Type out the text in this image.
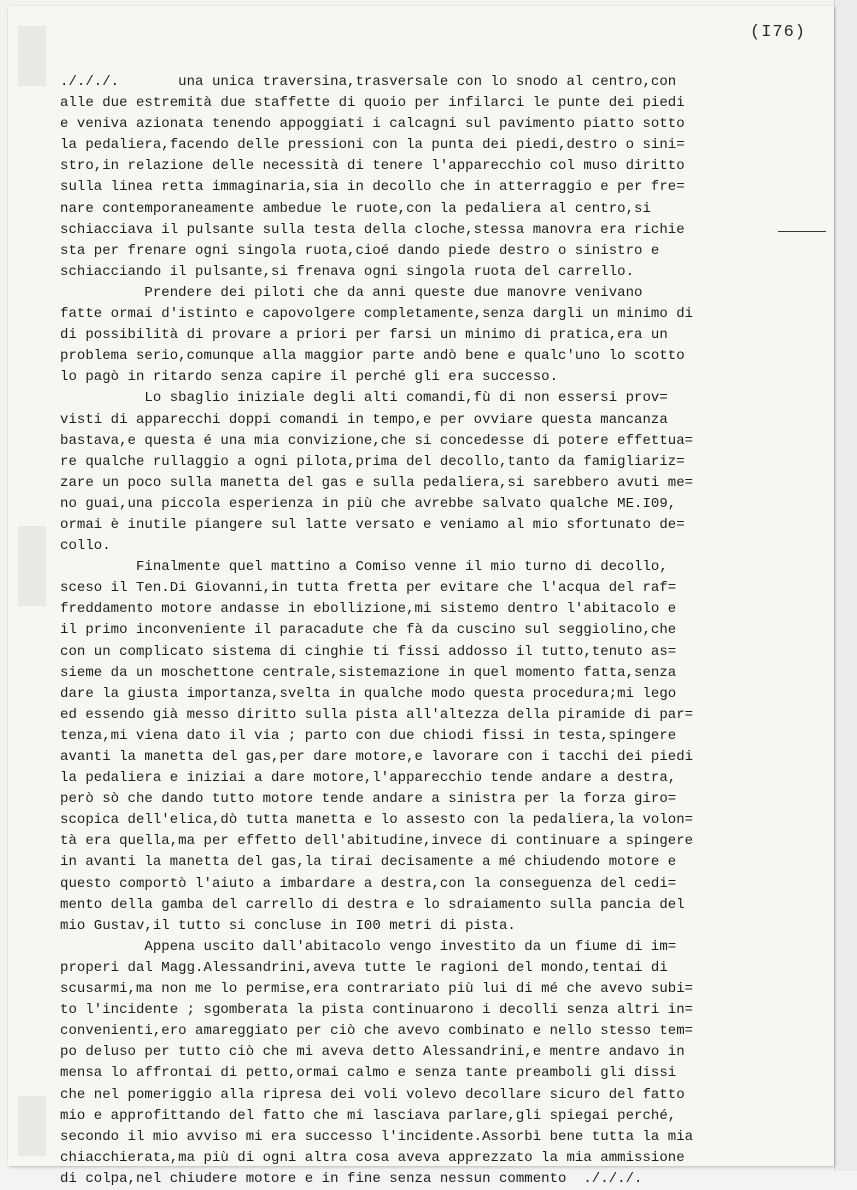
(I76)
./././.       una unica traversina,trasversale con lo snodo al centro,con
alle due estremità due staffette di quoio per infilarci le punte dei piedi
e veniva azionata tenendo appoggiati i calcagni sul pavimento piatto sotto
la pedaliera,facendo delle pressioni con la punta dei piedi,destro o sini=
stro,in relazione delle necessità di tenere l'apparecchio col muso diritto
sulla linea retta immaginaria,sia in decollo che in atterraggio e per fre=
nare contemporaneamente ambedue le ruote,con la pedaliera al centro,si
schiacciava il pulsante sulla testa della cloche,stessa manovra era richie
sta per frenare ogni singola ruota,cioé dando piede destro o sinistro e
schiacciando il pulsante,si frenava ogni singola ruota del carrello.
Prendere dei piloti che da anni queste due manovre venivano
fatte ormai d'istinto e capovolgere completamente,senza dargli un minimo di
di possibilità di provare a priori per farsi un minimo di pratica,era un
problema serio,comunque alla maggior parte andò bene e qualc'uno lo scotto
lo pagò in ritardo senza capire il perché gli era successo.
Lo sbaglio iniziale degli alti comandi,fù di non essersi prov=
visti di apparecchi doppi comandi in tempo,e per ovviare questa mancanza
bastava,e questa é una mia convizione,che si concedesse di potere effettua=
re qualche rullaggio a ogni pilota,prima del decollo,tanto da famigliariz=
zare un poco sulla manetta del gas e sulla pedaliera,si sarebbero avuti me=
no guai,una piccola esperienza in più che avrebbe salvato qualche ME.I09,
ormai è inutile piangere sul latte versato e veniamo al mio sfortunato de=
collo.
Finalmente quel mattino a Comiso venne il mio turno di decollo,
sceso il Ten.Di Giovanni,in tutta fretta per evitare che l'acqua del raf=
freddamento motore andasse in ebollizione,mi sistemo dentro l'abitacolo e
il primo inconveniente il paracadute che fà da cuscino sul seggiolino,che
con un complicato sistema di cinghie ti fissi addosso il tutto,tenuto as=
sieme da un moschettone centrale,sistemazione in quel momento fatta,senza
dare la giusta importanza,svelta in qualche modo questa procedura;mi lego
ed essendo già messo diritto sulla pista all'altezza della piramide di par=
tenza,mi viena dato il via ; parto con due chiodi fissi in testa,spingere
avanti la manetta del gas,per dare motore,e lavorare con i tacchi dei piedi
la pedaliera e iniziai a dare motore,l'apparecchio tende andare a destra,
però sò che dando tutto motore tende andare a sinistra per la forza giro=
scopica dell'elica,dò tutta manetta e lo assesto con la pedaliera,la volon=
tà era quella,ma per effetto dell'abitudine,invece di continuare a spingere
in avanti la manetta del gas,la tirai decisamente a mé chiudendo motore e
questo comportò l'aiuto a imbardare a destra,con la conseguenza del cedi=
mento della gamba del carrello di destra e lo sdraiamento sulla pancia del
mio Gustav,il tutto si concluse in I00 metri di pista.
Appena uscito dall'abitacolo vengo investito da un fiume di im=
properi dal Magg.Alessandrini,aveva tutte le ragioni del mondo,tentai di
scusarmi,ma non me lo permise,era contrariato più lui di mé che avevo subi=
to l'incidente ; sgomberata la pista continuarono i decolli senza altri in=
convenienti,ero amareggiato per ciò che avevo combinato e nello stesso tem=
po deluso per tutto ciò che mi aveva detto Alessandrini,e mentre andavo in
mensa lo affrontai di petto,ormai calmo e senza tante preamboli gli dissi
che nel pomeriggio alla ripresa dei voli volevo decollare sicuro del fatto
mio e approfittando del fatto che mi lasciava parlare,gli spiegai perché,
secondo il mio avviso mi era successo l'incidente.Assorbì bene tutta la mia
chiacchierata,ma più di ogni altra cosa aveva apprezzato la mia ammissione
di colpa,nel chiudere motore e in fine senza nessun commento  ./././.
